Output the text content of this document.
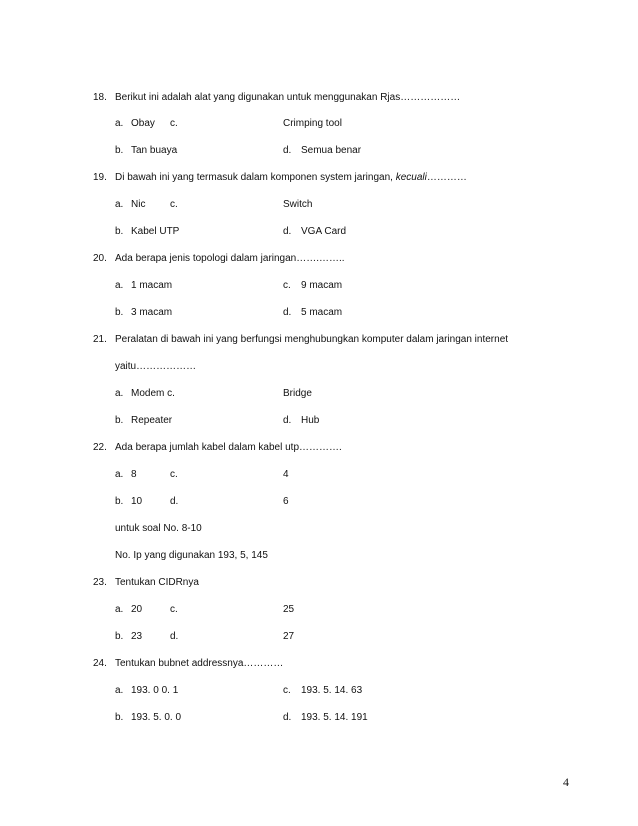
18. Berikut ini adalah alat yang digunakan untuk menggunakan Rjas………………
a. Obay c.	Crimping tool
b. Tan buaya	d. Semua benar
19. Di bawah ini yang termasuk dalam komponen system jaringan, kecuali…………
a. Nic c.	Switch
b. Kabel UTP	d. VGA Card
20. Ada berapa jenis topologi dalam jaringan…….……..
a. 1 macam	c. 9 macam
b. 3 macam	d. 5 macam
21. Peralatan di bawah ini yang berfungsi menghubungkan komputer dalam jaringan internet
yaitu………………
a. Modem c.	Bridge
b. Repeater	d. Hub
22. Ada berapa jumlah kabel dalam kabel utp………….
a. 8	c.	4
b. 10	d.	6
untuk soal No. 8-10
No. Ip yang digunakan 193, 5, 145
23. Tentukan CIDRnya
a. 20	c.	25
b. 23	d.	27
24. Tentukan bubnet addressnya…………
a. 193. 0 0. 1	c. 193. 5. 14. 63
b. 193. 5. 0. 0	d. 193. 5. 14. 191
4
